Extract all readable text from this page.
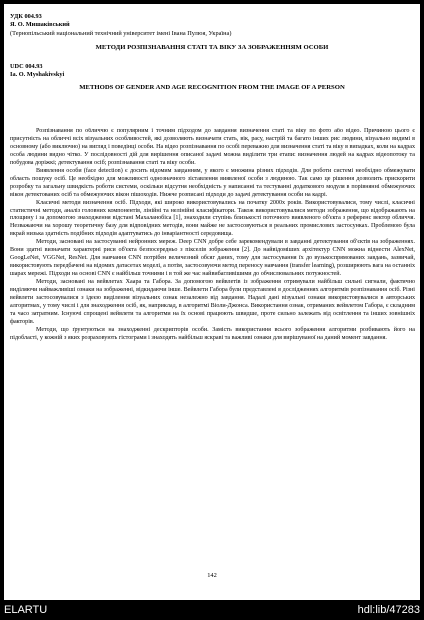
УДК 004.93
Я. О. Мишаківський
(Тернопільський національний технічний університет імені Івана Пулюя, Україна)
МЕТОДИ РОЗПІЗНАВАННЯ СТАТІ ТА ВІКУ ЗА ЗОБРАЖЕННЯМ ОСОБИ
UDC 004.93
Ia. O. Myshakivskyi
METHODS OF GENDER AND AGE RECOGNITION FROM THE IMAGE OF A PERSON

Розпізнавання по обличчю є популярним і точним підходом до завдання визначення статі та віку по фото або відео. Причиною цього є присутність на обличчі всіх візуальних особливостей, які дозволяють визначати стать, вік, расу, настрій та багато інших рис людини, візуально видимі в основному (або виключно) на вигляд і поведінці особи. На відео розпізнавання по особі переважно для визначення статі та віку в випадках, коли на кадрах особа людини видно чітко. У послідовності дій для вирішення описаної задачі можна виділити три етапи: визначення людей на кадрах відеопотоку та побудова доріжкі; детектування осіб; розпізнавання статі та віку особи.

Виявлення особи (face detection) є досить відомим завданням, у якого є множина різних підходів. Для роботи системі необхідно обмежувати область пошуку осіб. Це необхідно для можливості однозначного зіставлення виявленої особи з людиною. Так само це рішення дозволить прискорити розробку та загальну швидкість роботи системи, оскільки відсутня необхідність у написанні та тестуванні додаткового модуля в порівнянні обмежуючих вікон детектованих осіб та обмежуючих вікон пішоходів. Нижче розписані підходи до задачі детектування особи на кадрі.

Класичні методи визначення осіб. Підходи, які широко використовувались на початку 2000х років. Використовувалися, тому числі, класичні статистичні методи, аналіз головних компонентів, лінійні та нелінійні класифікатори. Також використовувалися методи зображення, що відображають на площину і за допомогою знаходження відстані Махаланобіса [1], знаходили ступінь близькості поточного виявленого об'єкта з референс вектор обличчя. Незважаючи на хорошу теоретичну базу для відповідних методів, вони майже не застосовуються в реальних промислових застосунках. Проблемою була вкрай низька здатність подібних підходів адаптуватись до інваріантності середовища.

Методи, засновані на застосуванні нейронних мереж. Deep CNN добре себе зарекомендували в завданні детектування об'єктів на зображеннях. Вони здатні визначати характерні риси об'єкта безпосередньо з пікселів зображення [2]. До найвідоміших архітектур CNN можна віднести AlexNet, GoogLeNet, VGGNet, ResNet. Для навчання CNN потрібен величезний обсяг даних, тому для застосування їх до вузькоспрямованих завдань, зазвичай, використовують передбачені на відомих датасетах моделі, а потім, застосовуючи метод переносу навчання (transfer learning), розширюють вага на останніх шарах мережі. Підходи на основі CNN є найбільш точними і в той же час найвибагливішими до обчислювальних потужностей.

Методи, засновані на вейвлетах Хаара та Габора. За допомогою вейвлетів із зображення отримували найбільш сильні сигнали, фактично виділяючи найважливіші ознаки на зображенні, відкидаючи інше. Вейвлети Габора були представлені в дослідженнях алгоритмів розпізнавання осіб. Різні вейвлети застосовувалися з ідеєю виділення візуальних ознак незалежно від завдання. Надалі дані візуальні ознаки використовувалися в авторських алгоритмах, у тому числі і для знаходження осіб, як, наприклад, в алгоритмі Віоли-Джонса. Використання ознак, отриманих вейвлетом Габора, є складним та часо затратним. Існуючі спрощені вейвлети та алгоритми на їх основі працюють швидше, проте сильно залежать від освітлення та інших зовнішніх факторів.

Методи, що ґрунтуються на знаходженні дескрипторів особи. Замість використання всього зображення алгоритми розбивають його на підобласті, у кожній з яких розраховують гістограми і знаходять найбільш яскраві та важливі ознаки для вирішуваної на даний момент завдання.

142
ELARTU	hdl:lib/47283
